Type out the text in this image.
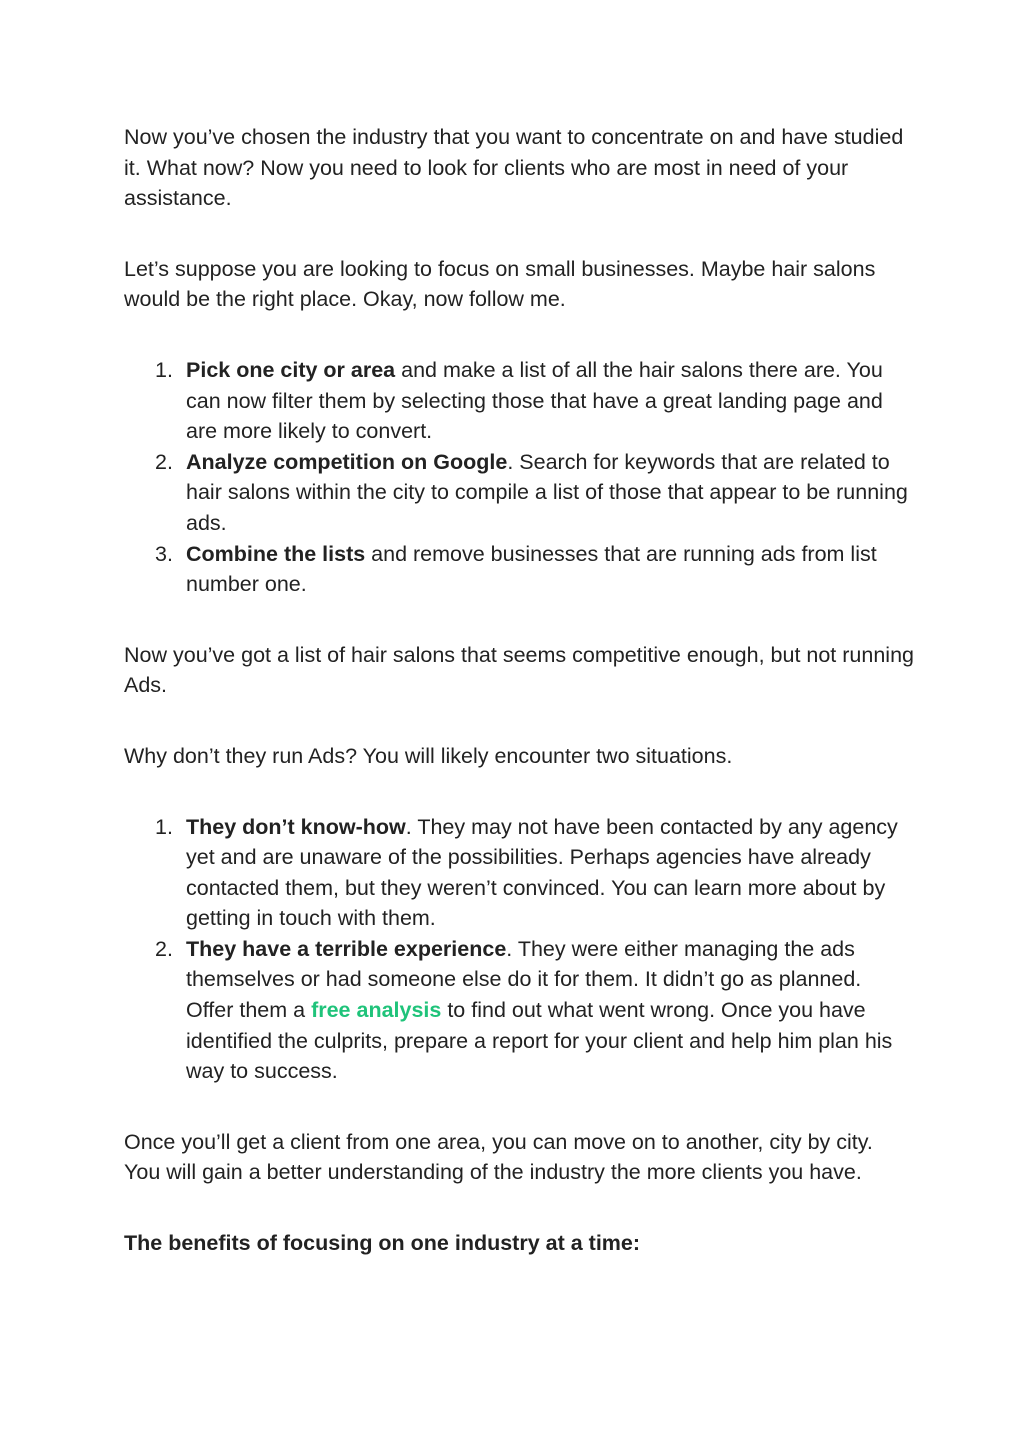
Now you’ve chosen the industry that you want to concentrate on and have studied it. What now? Now you need to look for clients who are most in need of your assistance.

Let’s suppose you are looking to focus on small businesses. Maybe hair salons would be the right place. Okay, now follow me.

1. Pick one city or area and make a list of all the hair salons there are. You can now filter them by selecting those that have a great landing page and are more likely to convert.
2. Analyze competition on Google. Search for keywords that are related to hair salons within the city to compile a list of those that appear to be running ads.
3. Combine the lists and remove businesses that are running ads from list number one.

Now you’ve got a list of hair salons that seems competitive enough, but not running Ads.

Why don’t they run Ads? You will likely encounter two situations.

1. They don’t know-how. They may not have been contacted by any agency yet and are unaware of the possibilities. Perhaps agencies have already contacted them, but they weren’t convinced. You can learn more about by getting in touch with them.
2. They have a terrible experience. They were either managing the ads themselves or had someone else do it for them. It didn’t go as planned. Offer them a free analysis to find out what went wrong. Once you have identified the culprits, prepare a report for your client and help him plan his way to success.

Once you’ll get a client from one area, you can move on to another, city by city. You will gain a better understanding of the industry the more clients you have.

The benefits of focusing on one industry at a time:
